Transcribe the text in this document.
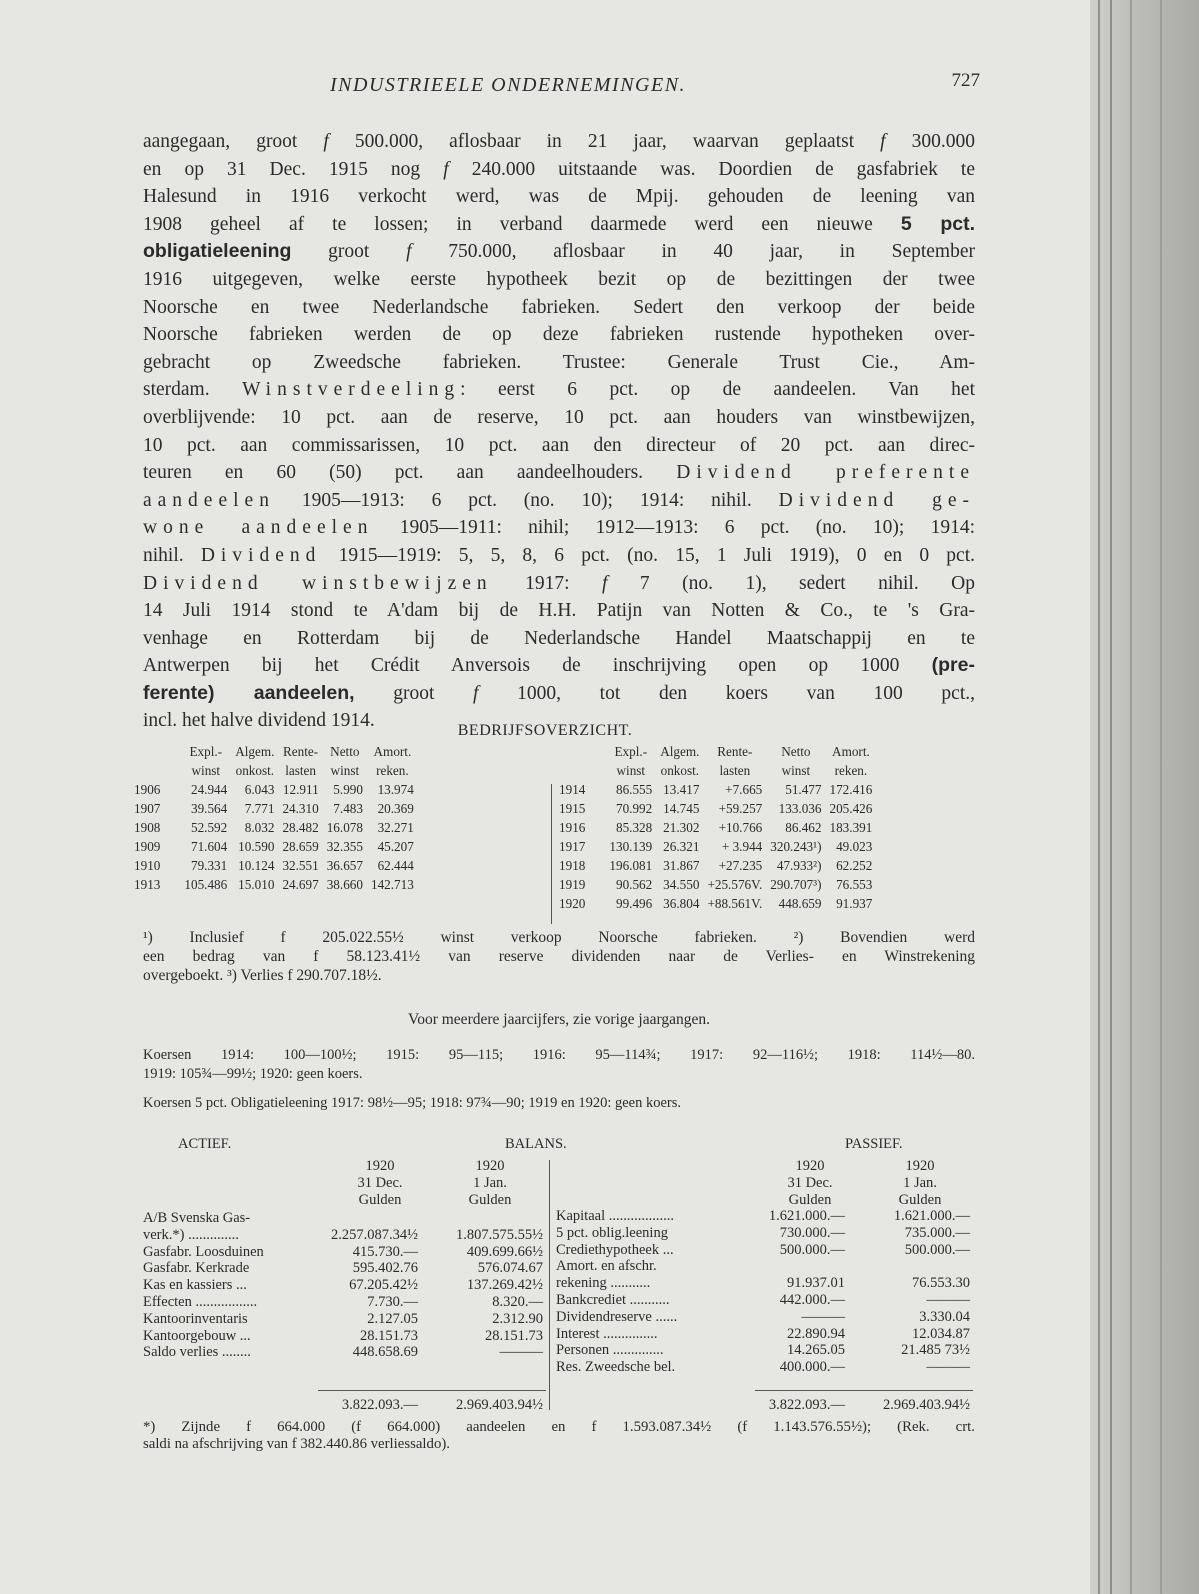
INDUSTRIEELE ONDERNEMINGEN.	727
aangegaan, groot f 500.000, aflosbaar in 21 jaar, waarvan geplaatst f 300.000
en op 31 Dec. 1915 nog f 240.000 uitstaande was. Doordien de gasfabriek te
Halesund in 1916 verkocht werd, was de Mpij. gehouden de leening van
1908 geheel af te lossen; in verband daarmede werd een nieuwe 5 pct.
obligatieleening groot f 750.000, aflosbaar in 40 jaar, in September
1916 uitgegeven, welke eerste hypotheek bezit op de bezittingen der twee
Noorsche en twee Nederlandsche fabrieken. Sedert den verkoop der beide
Noorsche fabrieken werden de op deze fabrieken rustende hypotheken over-
gebracht op Zweedsche fabrieken. Trustee: Generale Trust Cie., Am-
sterdam. Winstverdeeling: eerst 6 pct. op de aandeelen. Van het
overblijvende: 10 pct. aan de reserve, 10 pct. aan houders van winstbewijzen,
10 pct. aan commissarissen, 10 pct. aan den directeur of 20 pct. aan direc-
teuren en 60 (50) pct. aan aandeelhouders. Dividend preferente
aandeelen 1905—1913: 6 pct. (no. 10); 1914: nihil. Dividend ge-
wone aandeelen 1905—1911: nihil; 1912—1913: 6 pct. (no. 10); 1914:
nihil. Dividend 1915—1919: 5, 5, 8, 6 pct. (no. 15, 1 Juli 1919), 0 en 0 pct.
Dividend winstbewijzen 1917: f 7 (no. 1), sedert nihil. Op
14 Juli 1914 stond te A'dam bij de H.H. Patijn van Notten & Co., te 's Gra-
venhage en Rotterdam bij de Nederlandsche Handel Maatschappij en te
Antwerpen bij het Crédit Anversois de inschrijving open op 1000 (pre-
ferente) aandeelen, groot f 1000, tot den koers van 100 pct.,
incl. het halve dividend 1914.	BEDRIJFSOVERZICHT.
	Expl.-	Algem.	Rente-	Netto	Amort.
	winst	onkost.	lasten	winst	reken.
1906	24.944	6.043	12.911	5.990	13.974
1907	39.564	7.771	24.310	7.483	20.369
1908	52.592	8.032	28.482	16.078	32.271
1909	71.604	10.590	28.659	32.355	45.207
1910	79.331	10.124	32.551	36.657	62.444
1913	105.486	15.010	24.697	38.660	142.713

	Expl.-	Algem.	Rente-	Netto	Amort.
	winst	onkost.	lasten	winst	reken.
1914	86.555	13.417	+7.665	51.477	172.416
1915	70.992	14.745	+59.257	133.036	205.426
1916	85.328	21.302	+10.766	86.462	183.391
1917	130.139	26.321	+ 3.944	320.243¹)	49.023
1918	196.081	31.867	+27.235	47.933²)	62.252
1919	90.562	34.550	+25.576V.	290.707³)	76.553
1920	99.496	36.804	+88.561V.	448.659	91.937
¹) Inclusief f 205.022.55½ winst verkoop Noorsche fabrieken. ²) Bovendien werd
een bedrag van f 58.123.41½ van reserve dividenden naar de Verlies- en Winstrekening
overgeboekt. ³) Verlies f 290.707.18½.
Voor meerdere jaarcijfers, zie vorige jaargangen.
Koersen 1914: 100—100½; 1915: 95—115; 1916: 95—114¾; 1917: 92—116½; 1918: 114½—80.
1919: 105¾—99½; 1920: geen koers.
Koersen 5 pct. Obligatieleening 1917: 98½—95; 1918: 97¾—90; 1919 en 1920: geen koers.
ACTIEF.	BALANS.	PASSIEF.
1920	1920
31 Dec.	31 Dec.
Gulden	Gulden
1920	1920
1 Jan.	1 Jan.
Gulden	Gulden
A/B Svenska Gas-
verk.*) ..............	2.257.087.34½	1.807.575.55½
Gasfabr. Loosduinen	415.730.—	409.699.66½
Gasfabr. Kerkrade	595.402.76	576.074.67
Kas en kassiers ...	67.205.42½	137.269.42½
Effecten .................	7.730.—	8.320.—
Kantoorinventaris	2.127.05	2.312.90
Kantoorgebouw ...	28.151.73	28.151.73
Saldo verlies ........	448.658.69	———
Kapitaal ..................	1.621.000.—	1.621.000.—
5 pct. oblig.leening	730.000.—	735.000.—
Crediethypotheek ...	500.000.—	500.000.—
Amort. en afschr.
rekening ...........	91.937.01	76.553.30
Bankcrediet ...........	442.000.—	———
Dividendreserve ......	———	3.330.04
Interest ...............	22.890.94	12.034.87
Personen ..............	14.265.05	21.485 73½
Res. Zweedsche bel.	400.000.—	———
3.822.093.—	2.969.403.94½	3.822.093.—	2.969.403.94½
*) Zijnde f 664.000 (f 664.000) aandeelen en f 1.593.087.34½ (f 1.143.576.55½); (Rek. crt.
saldi na afschrijving van f 382.440.86 verliessaldo).
